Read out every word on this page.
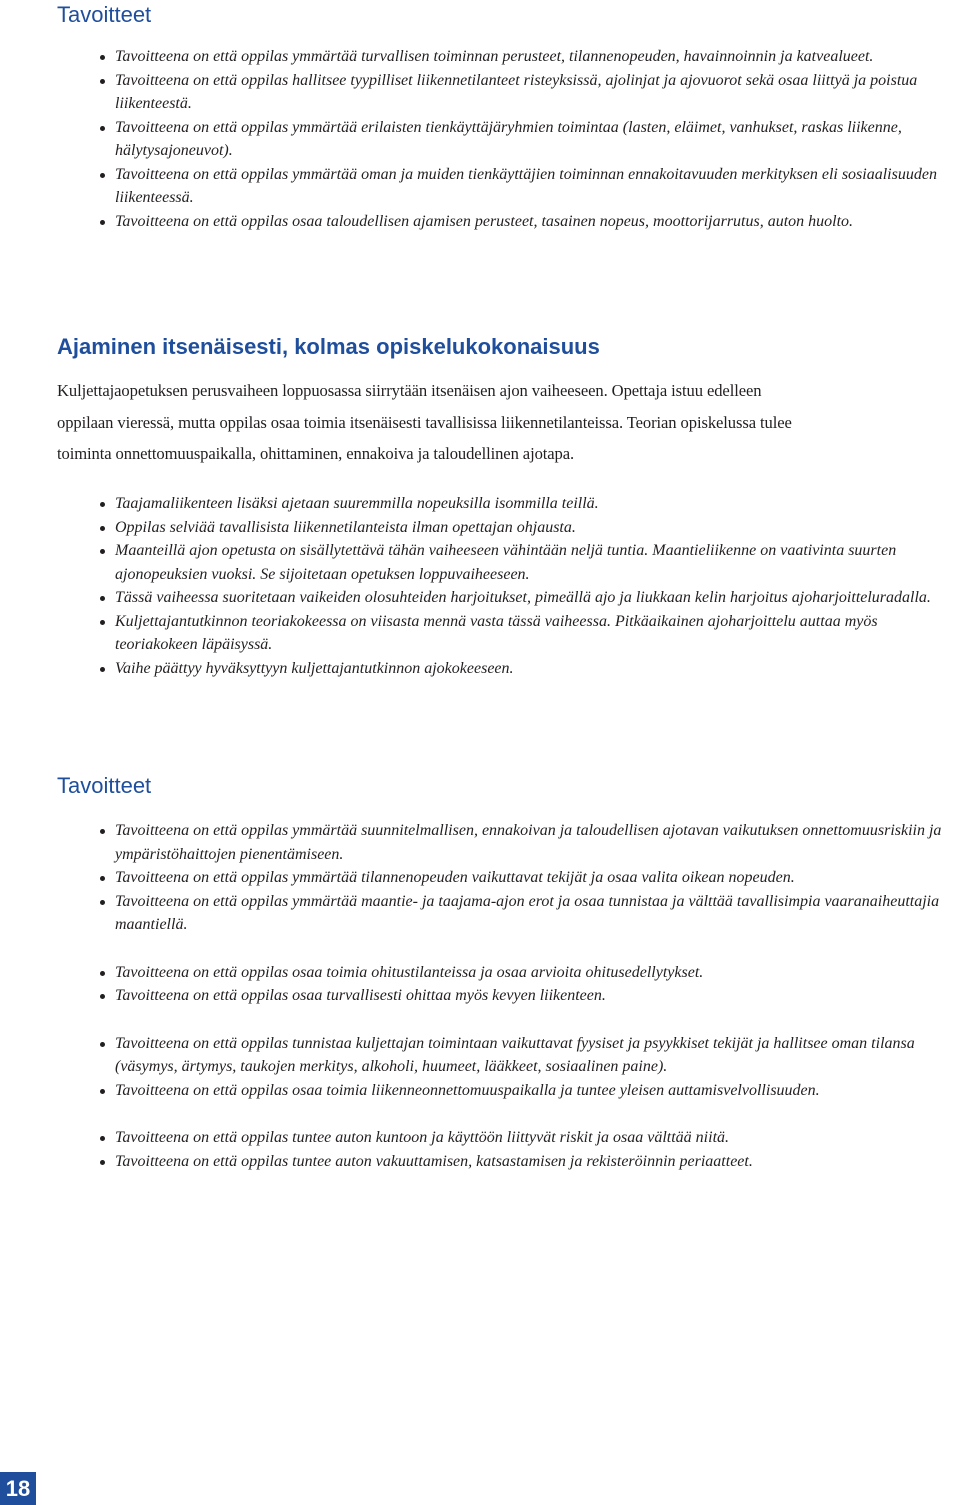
Tavoitteet
Tavoitteena on että oppilas ymmärtää turvallisen toiminnan perusteet, tilannenopeuden, havainnoinnin ja katvealueet.
Tavoitteena on että oppilas hallitsee tyypilliset liikennetilanteet risteyksissä, ajolinjat ja ajovuorot sekä osaa liittyä ja poistua liikenteestä.
Tavoitteena on että oppilas ymmärtää erilaisten tienkäyttäjäryhmien toimintaa (lasten, eläimet, vanhukset, raskas liikenne, hälytysajoneuvot).
Tavoitteena on että oppilas ymmärtää oman ja muiden tienkäyttäjien toiminnan ennakoitavuuden merkityksen eli sosiaalisuuden liikenteessä.
Tavoitteena on että oppilas osaa taloudellisen ajamisen perusteet, tasainen nopeus, moottorijarrutus, auton huolto.
Ajaminen itsenäisesti, kolmas opiskelukokonaisuus

Kuljettajaopetuksen perusvaiheen loppuosassa siirrytään itsenäisen ajon vaiheeseen. Opettaja istuu edelleen
oppilaan vieressä, mutta oppilas osaa toimia itsenäisesti tavallisissa liikennetilanteissa. Teorian opiskelussa tulee
toiminta onnettomuuspaikalla, ohittaminen, ennakoiva ja taloudellinen ajotapa.

Taajamaliikenteen lisäksi ajetaan suuremmilla nopeuksilla isommilla teillä.
Oppilas selviää tavallisista liikennetilanteista ilman opettajan ohjausta.
Maanteillä ajon opetusta on sisällytettävä tähän vaiheeseen vähintään neljä tuntia. Maantieliikenne on vaativinta suurten ajonopeuksien vuoksi. Se sijoitetaan opetuksen loppuvaiheeseen.
Tässä vaiheessa suoritetaan vaikeiden olosuhteiden harjoitukset, pimeällä ajo ja liukkaan kelin harjoitus ajoharjoitteluradalla.
Kuljettajantutkinnon teoriakokeessa on viisasta mennä vasta tässä vaiheessa. Pitkäaikainen ajoharjoittelu auttaa myös teoriakokeen läpäisyssä.
Vaihe päättyy hyväksyttyyn kuljettajantutkinnon ajokokeeseen.
Tavoitteet
Tavoitteena on että oppilas ymmärtää suunnitelmallisen, ennakoivan ja taloudellisen ajotavan vaikutuksen onnettomuusriskiin ja ympäristöhaittojen pienentämiseen.
Tavoitteena on että oppilas ymmärtää tilannenopeuden vaikuttavat tekijät ja osaa valita oikean nopeuden.
Tavoitteena on että oppilas ymmärtää maantie- ja taajama-ajon erot ja osaa tunnistaa ja välttää tavallisimpia vaaranaiheuttajia maantiellä.
Tavoitteena on että oppilas osaa toimia ohitustilanteissa ja osaa arvioita ohitusedellytykset.
Tavoitteena on että oppilas osaa turvallisesti ohittaa myös kevyen liikenteen.
Tavoitteena on että oppilas tunnistaa kuljettajan toimintaan vaikuttavat fyysiset ja psyykkiset tekijät ja hallitsee oman tilansa (väsymys, ärtymys, taukojen merkitys, alkoholi, huumeet, lääkkeet, sosiaalinen paine).
Tavoitteena on että oppilas osaa toimia liikenneonnettomuuspaikalla ja tuntee yleisen auttamisvelvollisuuden.
Tavoitteena on että oppilas tuntee auton kuntoon ja käyttöön liittyvät riskit ja osaa välttää niitä.
Tavoitteena on että oppilas tuntee auton vakuuttamisen, katsastamisen ja rekisteröinnin periaatteet.
18
